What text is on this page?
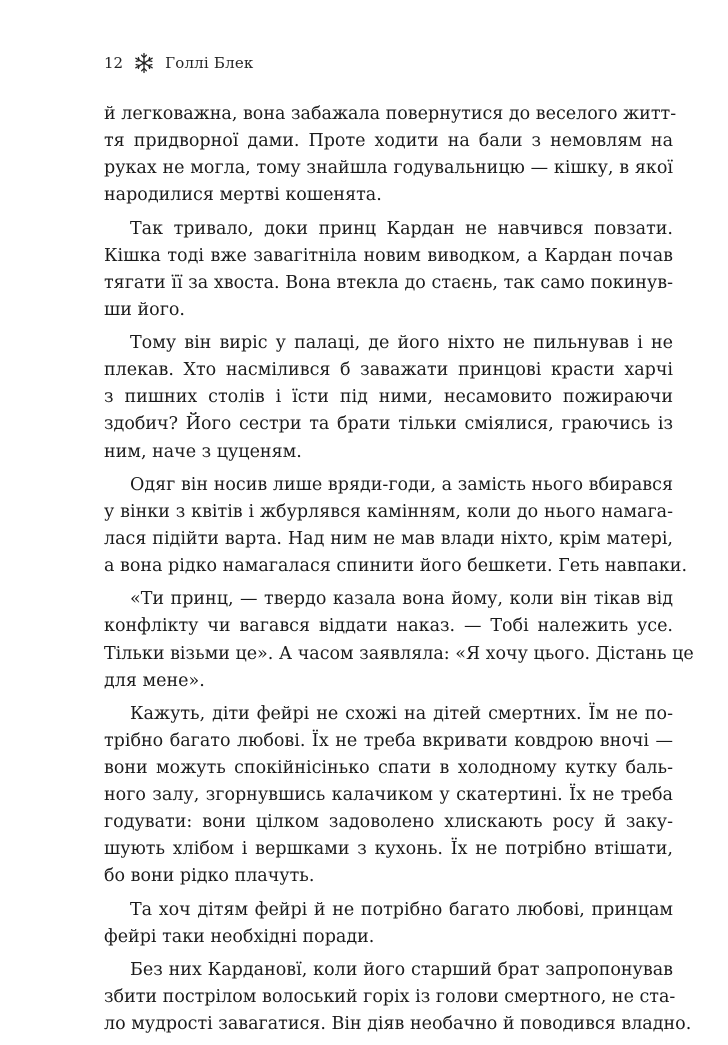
12	Голлі Блек
й легковажна, вона забажала повернутися до веселого житт-
тя придворної дами. Проте ходити на бали з немовлям на
руках не могла, тому знайшла годувальницю — кішку, в якої
народилися мертві кошенята.
Так тривало, доки принц Кардан не навчився повзати.
Кішка тоді вже завагітніла новим виводком, а Кардан почав
тягати її за хвоста. Вона втекла до стаєнь, так само покинув-
ши його.
Тому він виріс у палаці, де його ніхто не пильнував і не
плекав. Хто насмілився б заважати принцові красти харчі
з пишних столів і їсти під ними, несамовито пожираючи
здобич? Його сестри та брати тільки сміялися, граючись із
ним, наче з цуценям.
Одяг він носив лише вряди-годи, а замість нього вбирався
у вінки з квітів і жбурлявся камінням, коли до нього намага-
лася підійти варта. Над ним не мав влади ніхто, крім матері,
а вона рідко намагалася спинити його бешкети. Геть навпаки.
«Ти принц, — твердо казала вона йому, коли він тікав від
конфлікту чи вагався віддати наказ. — Тобі належить усе.
Тільки візьми це». А часом заявляла: «Я хочу цього. Дістань це
для мене».
Кажуть, діти фейрі не схожі на дітей смертних. Їм не по-
трібно багато любові. Їх не треба вкривати ковдрою вночі —
вони можуть спокійнісінько спати в холодному кутку баль-
ного залу, згорнувшись калачиком у скатертині. Їх не треба
годувати: вони цілком задоволено хлискають росу й заку-
шують хлібом і вершками з кухонь. Їх не потрібно втішати,
бо вони рідко плачуть.
Та хоч дітям фейрі й не потрібно багато любові, принцам
фейрі таки необхідні поради.
Без них Кардановї, коли його старший брат запропонував
збити пострілом волоський горіх із голови смертного, не ста-
ло мудрості завагатися. Він діяв необачно й поводився владно.
